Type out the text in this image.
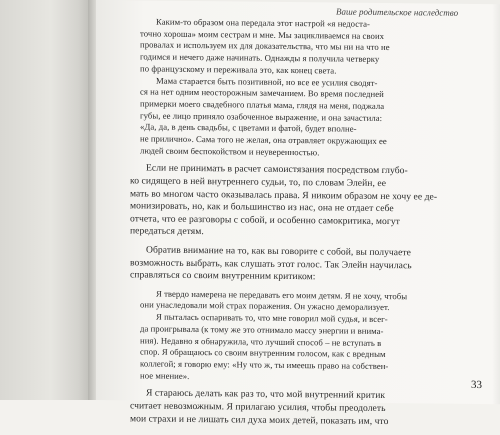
Ваше родительское наследство
Каким-то образом она передала этот настрой «я недоста-
точно хороша» моим сестрам и мне. Мы зацикливаемся на своих
провалах и используем их для доказательства, что мы ни на что не
годимся и нечего даже начинать. Однажды я получила четверку
по французскому и переживала это, как конец света.
Мама старается быть позитивной, но все ее усилия сводят-
ся на нет одним неосторожным замечанием. Во время последней
примерки моего свадебного платья мама, глядя на меня, поджала
губы, ее лицо приняло озабоченное выражение, и она зачастила:
«Да, да, в день свадьбы, с цветами и фатой, будет вполне-
не прилично». Сама того не желая, она отравляет окружающих ее
людей своим беспокойством и неуверенностью.
Если не принимать в расчет самоистязания посредством глубо-
ко сидящего в ней внутреннего судьи, то, по словам Элейн, ее
мать во многом часто оказывалась права. Я никоим образом не хочу ее де-
монизировать, но, как и большинство из нас, она не отдает себе
отчета, что ее разговоры с собой, и особенно самокритика, могут
передаться детям.
Обратив внимание на то, как вы говорите с собой, вы получаете
возможность выбрать, как слушать этот голос. Так Элейн научилась
справляться со своим внутренним критиком:
Я твердо намерена не передавать его моим детям. Я не хочу, чтобы
они унаследовали мой страх поражения. Он ужасно деморализует.
Я пыталась оспаривать то, что мне говорил мой судья, и всег-
да проигрывала (к тому же это отнимало массу энергии и внима-
ния). Недавно я обнаружила, что лучший способ – не вступать в
спор. Я обращаюсь со своим внутренним голосом, как с вредным
коллегой; я говорю ему: «Ну что ж, ты имеешь право на собствен-
ное мнение».
Я стараюсь делать как раз то, что мой внутренний критик
считает невозможным. Я прилагаю усилия, чтобы преодолеть
мои страхи и не лишать сил духа моих детей, показать им, что
33
